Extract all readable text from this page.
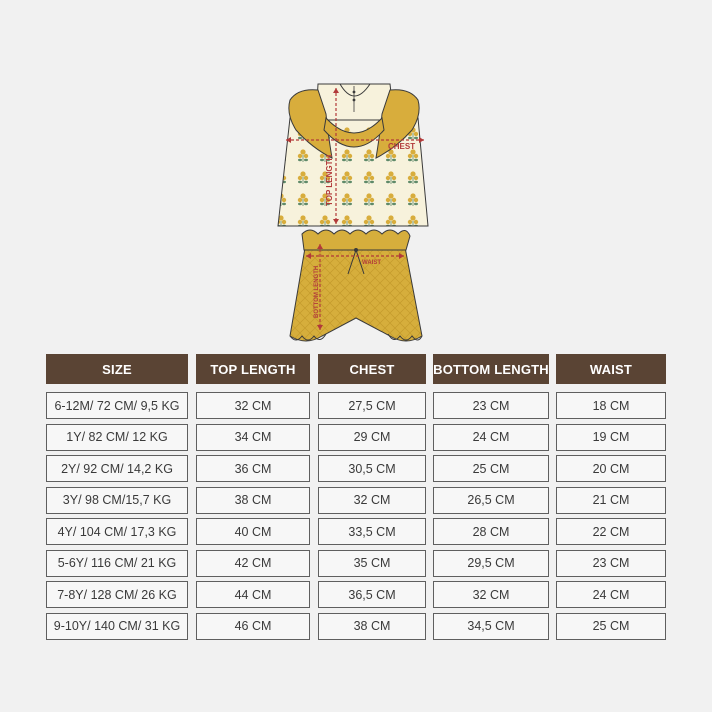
CHEST
TOP LENGTH
WAIST
BOTTOM LENGTH
SIZE	TOP LENGTH	CHEST	BOTTOM LENGTH	WAIST
6-12M/ 72 CM/ 9,5 KG	32 CM	27,5 CM	23 CM	18 CM
1Y/ 82 CM/ 12 KG	34 CM	29 CM	24 CM	19 CM
2Y/ 92 CM/ 14,2 KG	36 CM	30,5 CM	25 CM	20 CM
3Y/ 98 CM/15,7 KG	38 CM	32 CM	26,5 CM	21 CM
4Y/ 104 CM/ 17,3 KG	40 CM	33,5 CM	28 CM	22 CM
5-6Y/ 116 CM/ 21 KG	42 CM	35 CM	29,5 CM	23 CM
7-8Y/ 128 CM/ 26 KG	44 CM	36,5 CM	32 CM	24 CM
9-10Y/ 140 CM/ 31 KG	46 CM	38 CM	34,5 CM	25 CM
